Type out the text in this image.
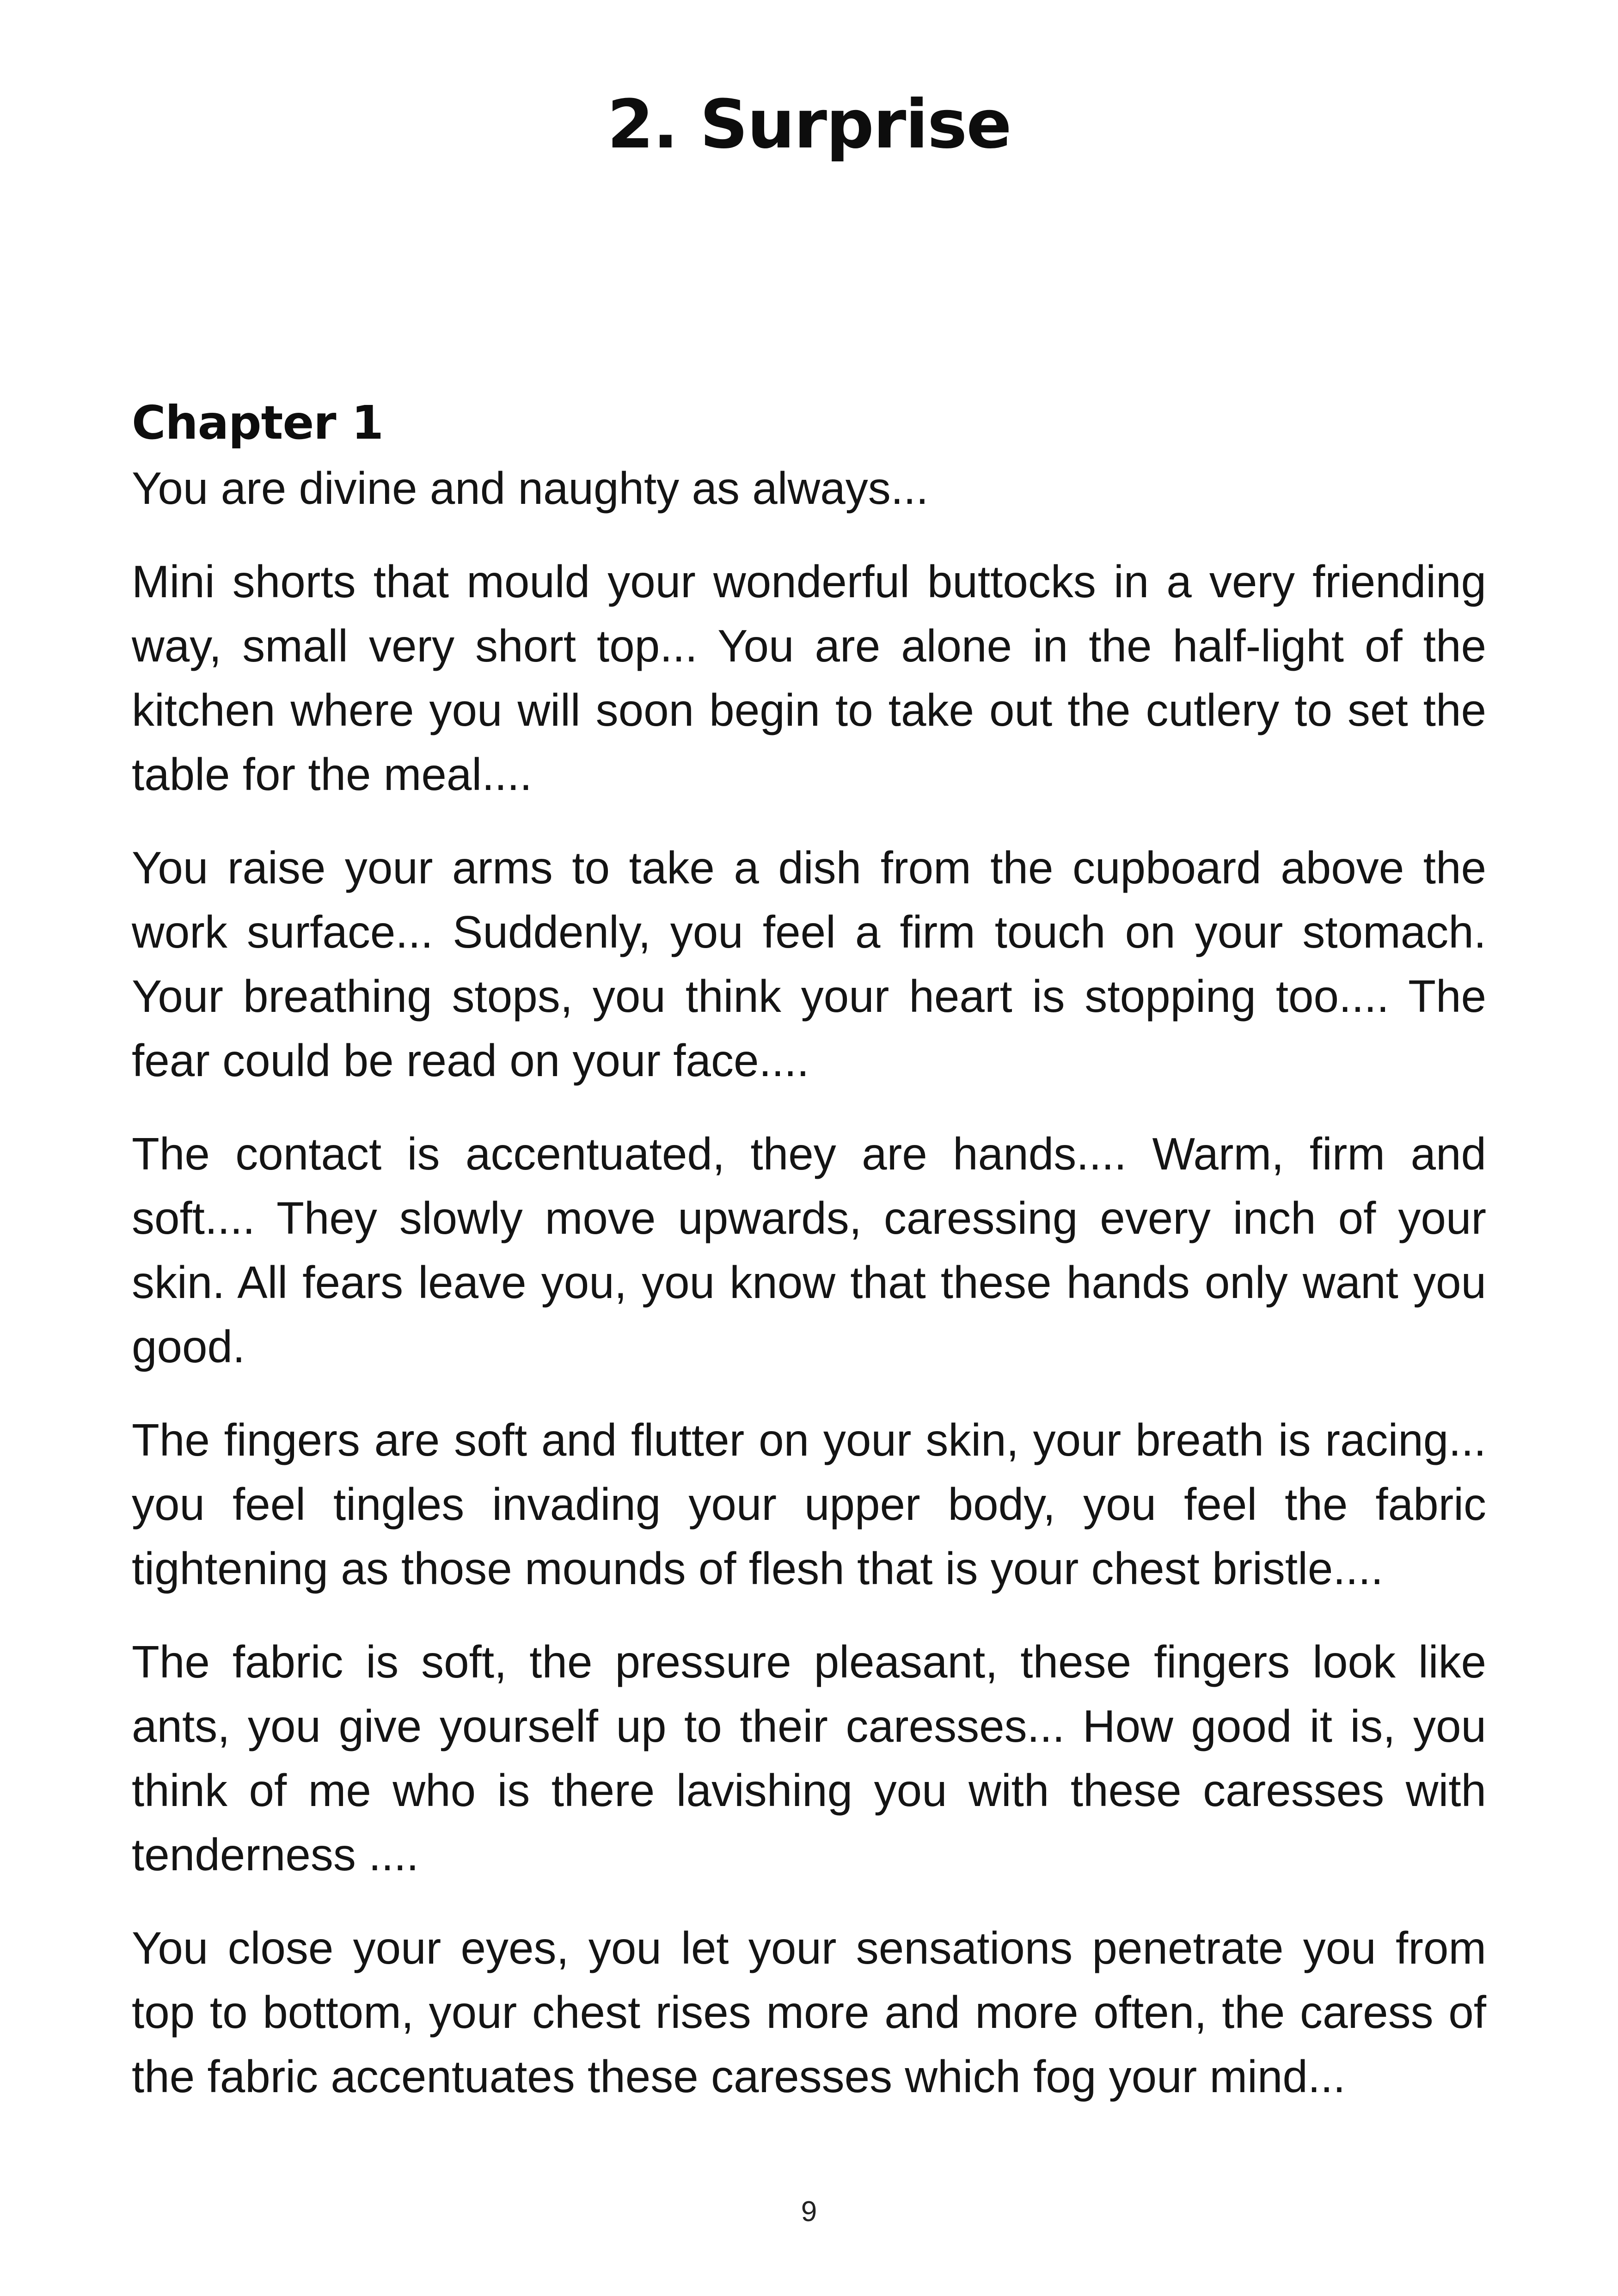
2. Surprise
Chapter 1

You are divine and naughty as always...

Mini shorts that mould your wonderful buttocks in a very friending way, small very short top... You are alone in the half-light of the kitchen where you will soon begin to take out the cutlery to set the table for the meal....

You raise your arms to take a dish from the cupboard above the work surface... Suddenly, you feel a firm touch on your stomach. Your breathing stops, you think your heart is stopping too.... The fear could be read on your face....

The contact is accentuated, they are hands.... Warm, firm and soft.... They slowly move upwards, caressing every inch of your skin. All fears leave you, you know that these hands only want you good.

The fingers are soft and flutter on your skin, your breath is racing... you feel tingles invading your upper body, you feel the fabric tightening as those mounds of flesh that is your chest bristle....

The fabric is soft, the pressure pleasant, these fingers look like ants, you give yourself up to their caresses... How good it is, you think of me who is there lavishing you with these caresses with tenderness ....

You close your eyes, you let your sensations penetrate you from top to bottom, your chest rises more and more often, the caress of the fabric accentuates these caresses which fog your mind...

9
